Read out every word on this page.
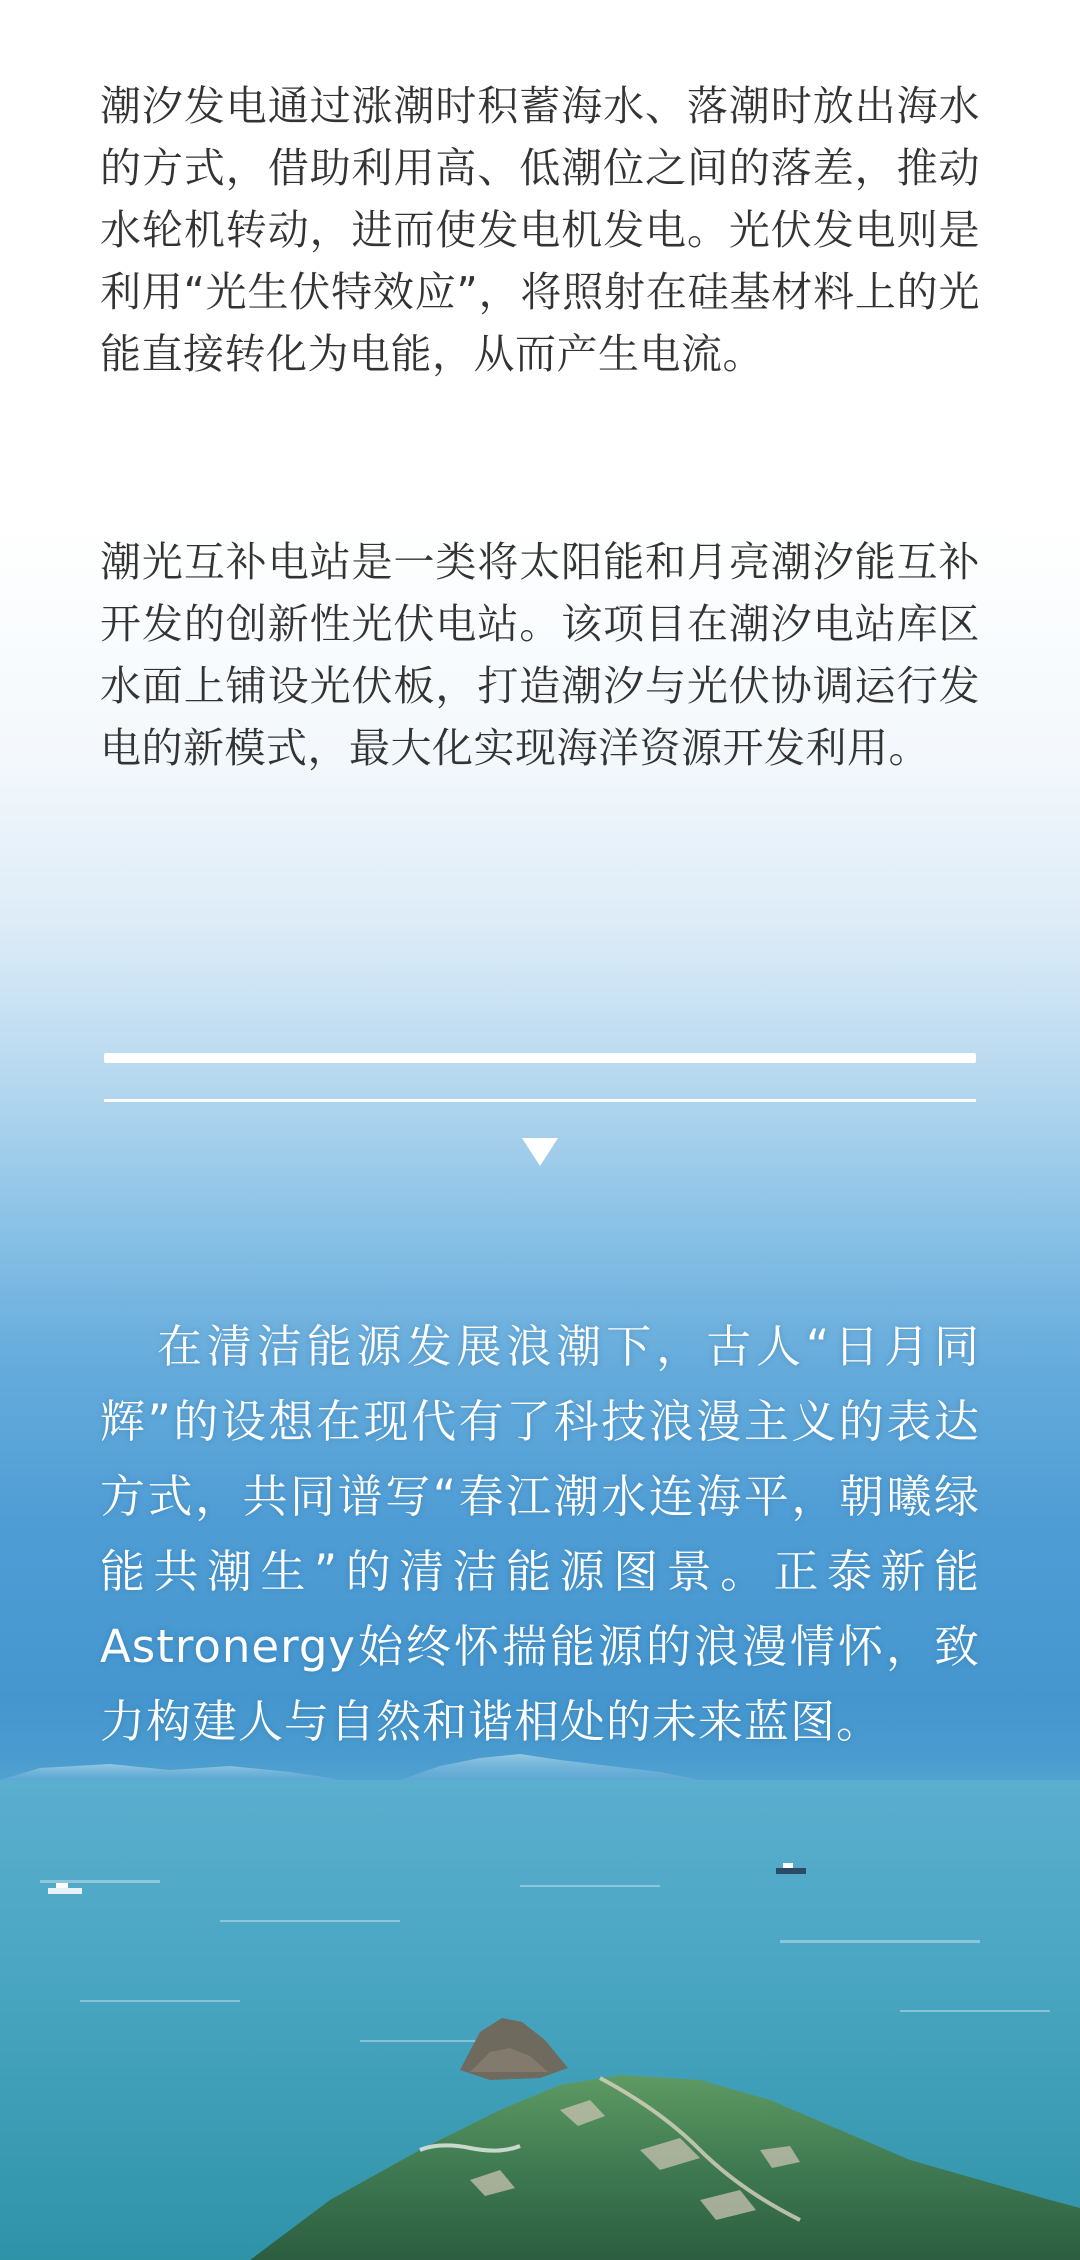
潮汐发电通过涨潮时积蓄海水、落潮时放出海水的方式，借助利用高、低潮位之间的落差，推动水轮机转动，进而使发电机发电。光伏发电则是利用“光生伏特效应”，将照射在硅基材料上的光能直接转化为电能，从而产生电流。

潮光互补电站是一类将太阳能和月亮潮汐能互补开发的创新性光伏电站。该项目在潮汐电站库区水面上铺设光伏板，打造潮汐与光伏协调运行发电的新模式，最大化实现海洋资源开发利用。

在清洁能源发展浪潮下，古人“日月同辉”的设想在现代有了科技浪漫主义的表达方式，共同谱写“春江潮水连海平，朝曦绿能共潮生”的清洁能源图景。正泰新能Astronergy始终怀揣能源的浪漫情怀，致力构建人与自然和谐相处的未来蓝图。
